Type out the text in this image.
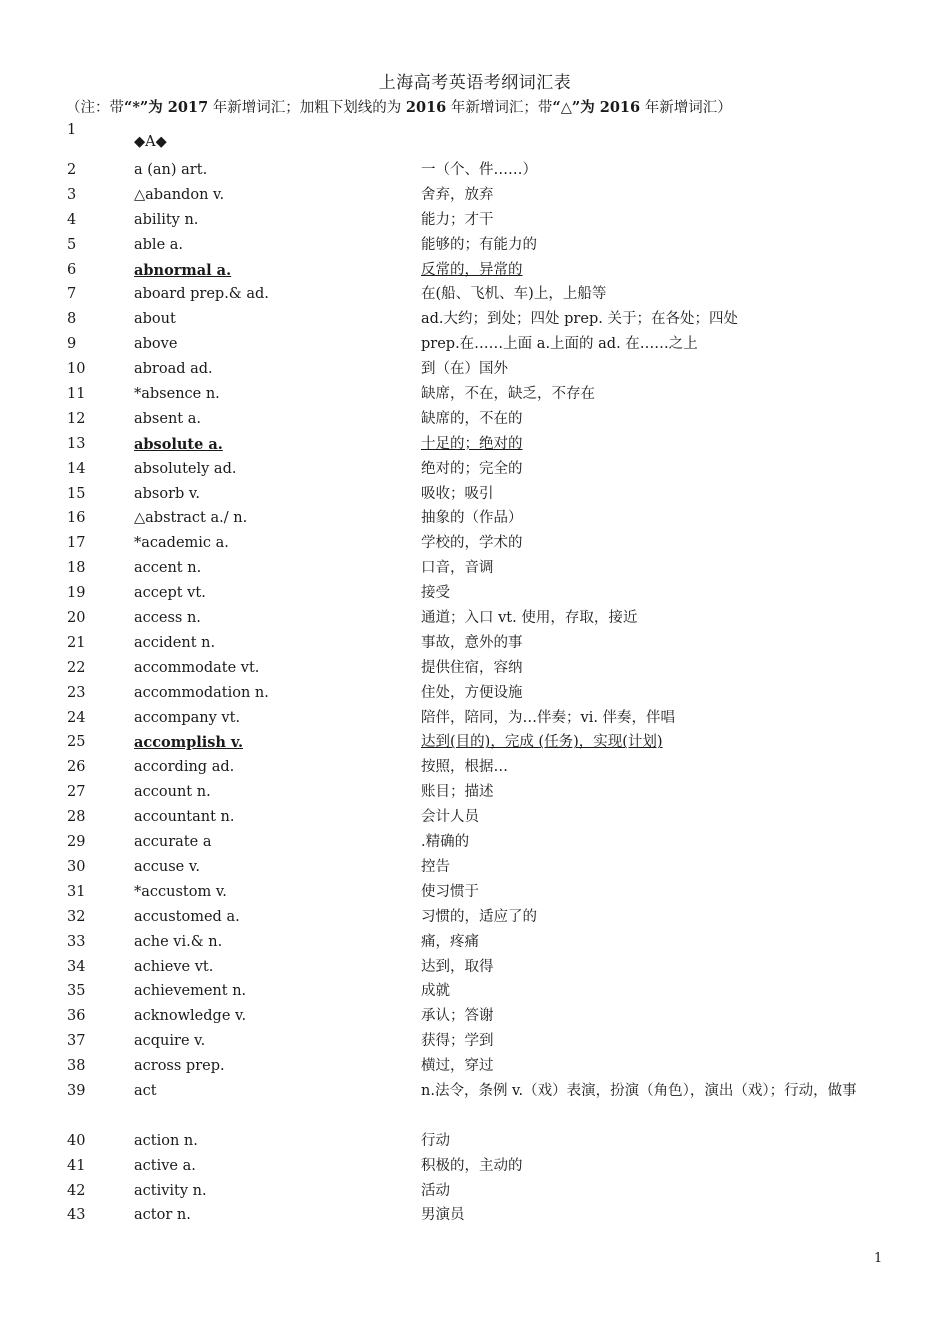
上海高考英语考纲词汇表
（注：带“*”为 2017 年新增词汇；加粗下划线的为 2016 年新增词汇；带“△”为 2016 年新增词汇）
1
◆A◆
2	a (an) art.	一（个、件……）
3	△abandon v.	舍弃，放弃
4	ability n.	能力；才干
5	able a.	能够的；有能力的
6	abnormal a.	反常的，异常的
7	aboard prep.& ad.	在(船、飞机、车)上，上船等
8	about	ad.大约；到处；四处 prep. 关于；在各处；四处
9	above	prep.在……上面 a.上面的 ad. 在……之上
10	abroad ad.	到（在）国外
11	*absence n.	缺席，不在，缺乏，不存在
12	absent a.	缺席的，不在的
13	absolute a.	十足的；绝对的
14	absolutely ad.	绝对的；完全的
15	absorb v.	吸收；吸引
16	△abstract a./ n.	抽象的（作品）
17	*academic a.	学校的，学术的
18	accent n.	口音，音调
19	accept vt.	接受
20	access n.	通道；入口 vt. 使用，存取，接近
21	accident n.	事故，意外的事
22	accommodate vt.	提供住宿，容纳
23	accommodation n.	住处，方便设施
24	accompany vt.	陪伴，陪同，为…伴奏；vi. 伴奏，伴唱
25	accomplish v.	达到(目的)，完成 (任务)，实现(计划)
26	according ad.	按照，根据…
27	account n.	账目；描述
28	accountant n.	会计人员
29	accurate a	.精确的
30	accuse v.	控告
31	*accustom v.	使习惯于
32	accustomed a.	习惯的，适应了的
33	ache vi.& n.	痛，疼痛
34	achieve vt.	达到，取得
35	achievement n.	成就
36	acknowledge v.	承认；答谢
37	acquire v.	获得；学到
38	across prep.	横过，穿过
39	act	n.法令，条例 v.（戏）表演，扮演（角色），演出（戏）；行动，做事
40	action n.	行动
41	active a.	积极的，主动的
42	activity n.	活动
43	actor n.	男演员
1
